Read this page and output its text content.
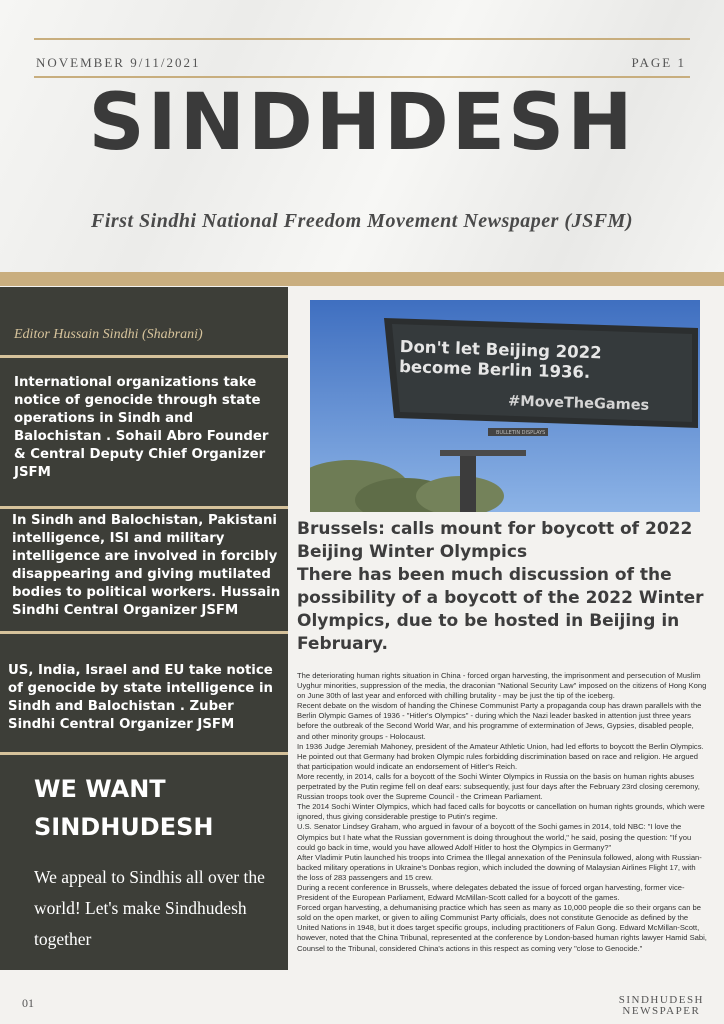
NOVEMBER 9/11/2021	PAGE 1
SINDHDESH
First Sindhi National Freedom Movement Newspaper (JSFM)
Editor Hussain Sindhi (Shabrani)
International organizations take notice of genocide through state operations in Sindh and Balochistan . Sohail Abro Founder & Central Deputy Chief Organizer JSFM
In Sindh and Balochistan, Pakistani intelligence, ISI and military intelligence are involved in forcibly disappearing and giving mutilated bodies to political workers. Hussain Sindhi Central Organizer JSFM
US, India, Israel and EU take notice of genocide by state intelligence in Sindh and Balochistan . Zuber Sindhi Central Organizer JSFM
WE WANT SINDHUDESH
We appeal to Sindhis all over the world! Let's make Sindhudesh together
BULLETIN DISPLAYS
Don't let Beijing 2022
become Berlin 1936.
#MoveTheGames
Brussels: calls mount for boycott of 2022 Beijing Winter Olympics
There has been much discussion of the possibility of a boycott of the 2022 Winter Olympics, due to be hosted in Beijing in February.

The deteriorating human rights situation in China - forced organ harvesting, the imprisonment and persecution of Muslim Uyghur minorities, suppression of the media, the draconian "National Security Law" imposed on the citizens of Hong Kong on June 30th of last year and enforced with chilling brutality - may be just the tip of the iceberg.

Recent debate on the wisdom of handing the Chinese Communist Party a propaganda coup has drawn parallels with the Berlin Olympic Games of 1936 - "Hitler's Olympics" - during which the Nazi leader basked in attention just three years before the outbreak of the Second World War, and his programme of extermination of Jews, Gypsies, disabled people, and other minority groups - Holocaust.

In 1936 Judge Jeremiah Mahoney, president of the Amateur Athletic Union, had led efforts to boycott the Berlin Olympics. He pointed out that Germany had broken Olympic rules forbidding discrimination based on race and religion. He argued that participation would indicate an endorsement of Hitler's Reich.

More recently, in 2014, calls for a boycott of the Sochi Winter Olympics in Russia on the basis on human rights abuses perpetrated by the Putin regime fell on deaf ears: subsequently, just four days after the February 23rd closing ceremony, Russian troops took over the Supreme Council - the Crimean Parliament.

The 2014 Sochi Winter Olympics, which had faced calls for boycotts or cancellation on human rights grounds, which were ignored, thus giving considerable prestige to Putin's regime.

U.S. Senator Lindsey Graham, who argued in favour of a boycott of the Sochi games in 2014, told NBC: "I love the Olympics but I hate what the Russian government is doing throughout the world," he said, posing the question: "If you could go back in time, would you have allowed Adolf Hitler to host the Olympics in Germany?"

After Vladimir Putin launched his troops into Crimea the Illegal annexation of the Peninsula followed, along with Russian-backed military operations in Ukraine's Donbas region, which included the downing of Malaysian Airlines Flight 17, with the loss of 283 passengers and 15 crew.

During a recent conference in Brussels, where delegates debated the issue of forced organ harvesting, former vice-President of the European Parliament, Edward McMillan-Scott called for a boycott of the games.

Forced organ harvesting, a dehumanising practice which has seen as many as 10,000 people die so their organs can be sold on the open market, or given to ailing Communist Party officials, does not constitute Genocide as defined by the United Nations in 1948, but it does target specific groups, including practitioners of Falun Gong. Edward McMillan-Scott, however, noted that the China Tribunal, represented at the conference by London-based human rights lawyer Hamid Sabi, Counsel to the Tribunal, considered China's actions in this respect as coming very "close to Genocide."

01	SINDHUDESH
NEWSPAPER
